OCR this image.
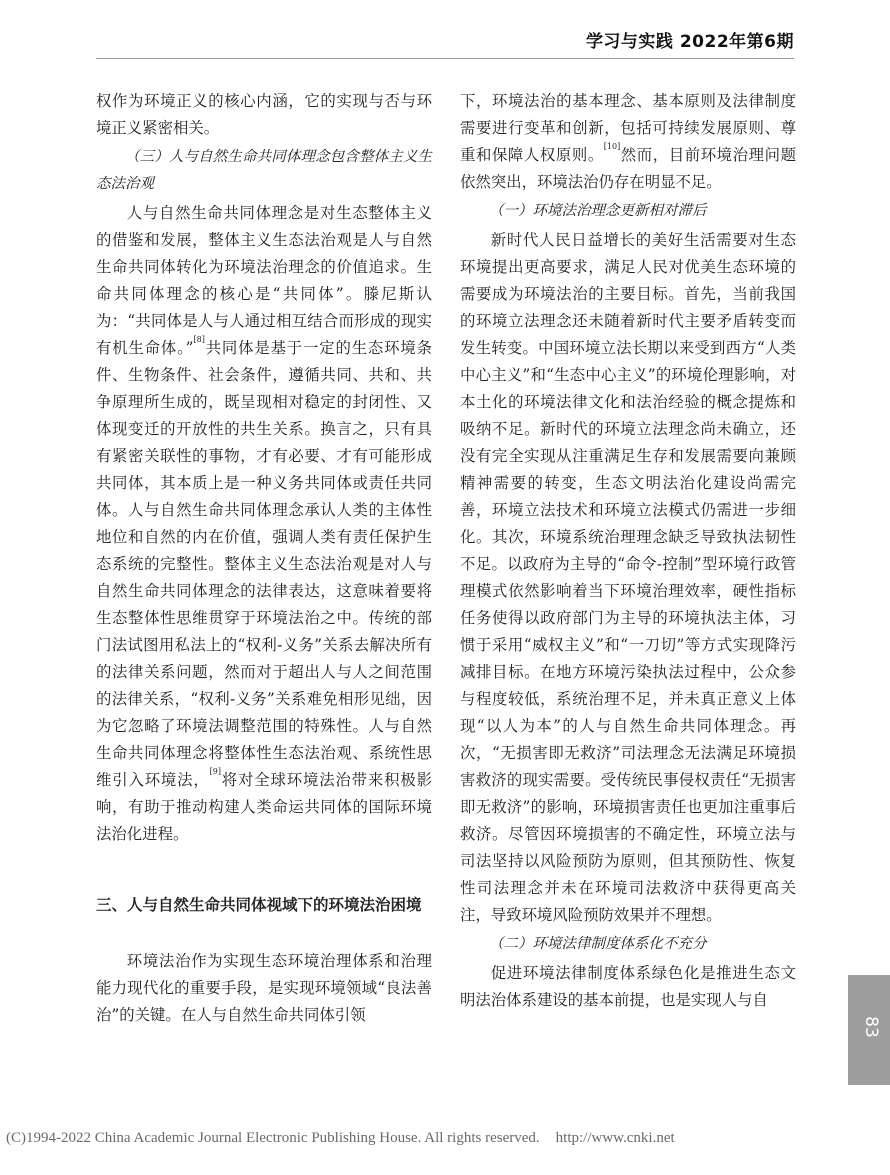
学习与实践 2022年第6期

权作为环境正义的核心内涵，它的实现与否与环境正义紧密相关。

（三）人与自然生命共同体理念包含整体主义生态法治观

人与自然生命共同体理念是对生态整体主义的借鉴和发展，整体主义生态法治观是人与自然生命共同体转化为环境法治理念的价值追求。生命共同体理念的核心是“共同体”。滕尼斯认为：“共同体是人与人通过相互结合而形成的现实有机生命体。”[8]共同体是基于一定的生态环境条件、生物条件、社会条件，遵循共同、共和、共争原理所生成的，既呈现相对稳定的封闭性、又体现变迁的开放性的共生关系。换言之，只有具有紧密关联性的事物，才有必要、才有可能形成共同体，其本质上是一种义务共同体或责任共同体。人与自然生命共同体理念承认人类的主体性地位和自然的内在价值，强调人类有责任保护生态系统的完整性。整体主义生态法治观是对人与自然生命共同体理念的法律表达，这意味着要将生态整体性思维贯穿于环境法治之中。传统的部门法试图用私法上的“权利-义务”关系去解决所有的法律关系问题，然而对于超出人与人之间范围的法律关系，“权利-义务”关系难免相形见绌，因为它忽略了环境法调整范围的特殊性。人与自然生命共同体理念将整体性生态法治观、系统性思维引入环境法，[9]将对全球环境法治带来积极影响，有助于推动构建人类命运共同体的国际环境法治化进程。

三、人与自然生命共同体视域下的环境法治困境

环境法治作为实现生态环境治理体系和治理能力现代化的重要手段，是实现环境领域“良法善治”的关键。在人与自然生命共同体引领

下，环境法治的基本理念、基本原则及法律制度需要进行变革和创新，包括可持续发展原则、尊重和保障人权原则。[10]然而，目前环境治理问题依然突出，环境法治仍存在明显不足。

（一）环境法治理念更新相对滞后

新时代人民日益增长的美好生活需要对生态环境提出更高要求，满足人民对优美生态环境的需要成为环境法治的主要目标。首先，当前我国的环境立法理念还未随着新时代主要矛盾转变而发生转变。中国环境立法长期以来受到西方“人类中心主义”和“生态中心主义”的环境伦理影响，对本土化的环境法律文化和法治经验的概念提炼和吸纳不足。新时代的环境立法理念尚未确立，还没有完全实现从注重满足生存和发展需要向兼顾精神需要的转变，生态文明法治化建设尚需完善，环境立法技术和环境立法模式仍需进一步细化。其次，环境系统治理理念缺乏导致执法韧性不足。以政府为主导的“命令-控制”型环境行政管理模式依然影响着当下环境治理效率，硬性指标任务使得以政府部门为主导的环境执法主体，习惯于采用“威权主义”和“一刀切”等方式实现降污减排目标。在地方环境污染执法过程中，公众参与程度较低，系统治理不足，并未真正意义上体现“以人为本”的人与自然生命共同体理念。再次，“无损害即无救济”司法理念无法满足环境损害救济的现实需要。受传统民事侵权责任“无损害即无救济”的影响，环境损害责任也更加注重事后救济。尽管因环境损害的不确定性，环境立法与司法坚持以风险预防为原则，但其预防性、恢复性司法理念并未在环境司法救济中获得更高关注，导致环境风险预防效果并不理想。

（二）环境法律制度体系化不充分

促进环境法律制度体系绿色化是推进生态文明法治体系建设的基本前提，也是实现人与自

83
(C)1994-2022 China Academic Journal Electronic Publishing House. All rights reserved. http://www.cnki.net
